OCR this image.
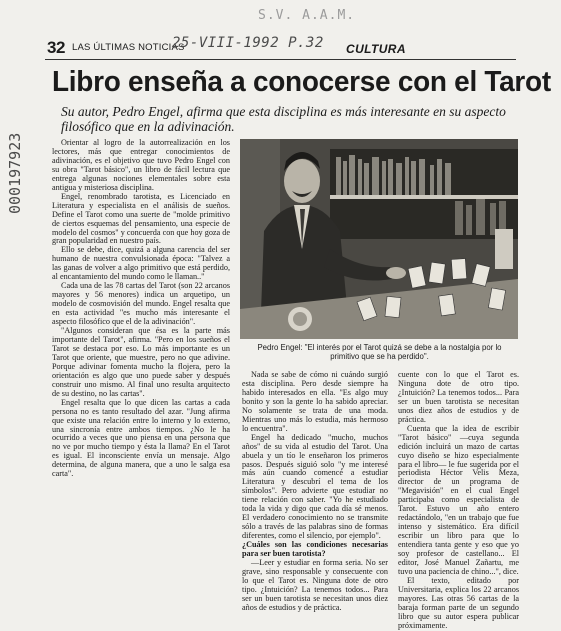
S.V. A.A.M.
32 LAS ÚLTIMAS NOTICIAS
25-VIII-1992 P.32 CULTURA
000197923
Libro enseña a conocerse con el Tarot
Su autor, Pedro Engel, afirma que esta disciplina es más interesante en su aspecto filosófico que en la adivinación.

Orientar al logro de la autorrealización en los lectores, más que entregar conocimientos de adivinación, es el objetivo que tuvo Pedro Engel con su obra "Tarot básico", un libro de fácil lectura que entrega algunas nociones elementales sobre esta antigua y misteriosa disciplina.

Engel, renombrado tarotista, es Licenciado en Literatura y especialista en el análisis de sueños. Define el Tarot como una suerte de "molde primitivo de ciertos esquemas del pensamiento, una especie de modelo del cosmos" y concuerda con que hoy goza de gran popularidad en nuestro país.

Ello se debe, dice, quizá a alguna carencia del ser humano de nuestra convulsionada época: "Talvez a las ganas de volver a algo primitivo que está perdido, al encantamiento del mundo como le llaman.."

Cada una de las 78 cartas del Tarot (son 22 arcanos mayores y 56 menores) indica un arquetipo, un modelo de cosmovisión del mundo. Engel resalta que en esta actividad "es mucho más interesante el aspecto filosófico que el de la adivinación".

"Algunos consideran que ésa es la parte más importante del Tarot", afirma. "Pero en los sueños el Tarot se destaca por eso. Lo más importante es un Tarot que oriente, que muestre, pero no que adivine. Porque adivinar fomenta mucho la flojera, pero la orientación es algo que uno puede saber y después construir uno mismo. Al final uno resulta arquitecto de su destino, no las cartas".

Engel resalta que lo que dicen las cartas a cada persona no es tanto resultado del azar. "Jung afirma que existe una relación entre lo interno y lo externo, una sincronía entre ambos tiempos. ¿No le ha ocurrido a veces que uno piensa en una persona que no ve por mucho tiempo y ésta la llama? En el Tarot es igual. El inconsciente envía un mensaje. Algo determina, de alguna manera, que a uno le salga esa carta".

Pedro Engel: "El interés por el Tarot quizá se debe a la nostalgia por lo primitivo que se ha perdido".

Nada se sabe de cómo ni cuándo surgió esta disciplina. Pero desde siempre ha habido interesados en ella. "Es algo muy bonito y son la gente lo ha sabido apreciar. No solamente se trata de una moda. Mientras uno más lo estudia, más hermoso lo encuentra".

Engel ha dedicado "mucho, muchos años" de su vida al estudio del Tarot. Una abuela y un tío le enseñaron los primeros pasos. Después siguió solo "y me interesé más aún cuando comencé a estudiar Literatura y descubrí el tema de los símbolos". Pero advierte que estudiar no tiene relación con saber. "Yo he estudiado toda la vida y digo que cada día sé menos. El verdadero conocimiento no se transmite sólo a través de las palabras sino de formas diferentes, como el silencio, por ejemplo".

¿Cuáles son las condiciones necesarias para ser buen tarotista?

—Leer y estudiar en forma seria. No ser grave, sino responsable y consecuente con lo que el Tarot es. Ninguna dote de otro tipo. ¿Intuición? La tenemos todos... Para ser un buen tarotista se necesitan unos diez años de estudios y de práctica.

cuente con lo que el Tarot es. Ninguna dote de otro tipo. ¿Intuición? La tenemos todos... Para ser un buen tarotista se necesitan unos diez años de estudios y de práctica.

Cuenta que la idea de escribir "Tarot básico" —cuya segunda edición incluirá un mazo de cartas cuyo diseño se hizo especialmente para el libro— le fue sugerida por el periodista Héctor Velis Meza, director de un programa de "Megavisión" en el cual Engel participaba como especialista de Tarot. Estuvo un año entero redactándolo, "en un trabajo que fue intenso y sistemático. Era difícil escribir un libro para que lo entendiera tanta gente y eso que yo soy profesor de castellano... El editor, José Manuel Zañartu, me tuvo una paciencia de chino...", dice.

El texto, editado por Universitaria, explica los 22 arcanos mayores. Las otras 56 cartas de la baraja forman parte de un segundo libro que su autor espera publicar próximamente.
